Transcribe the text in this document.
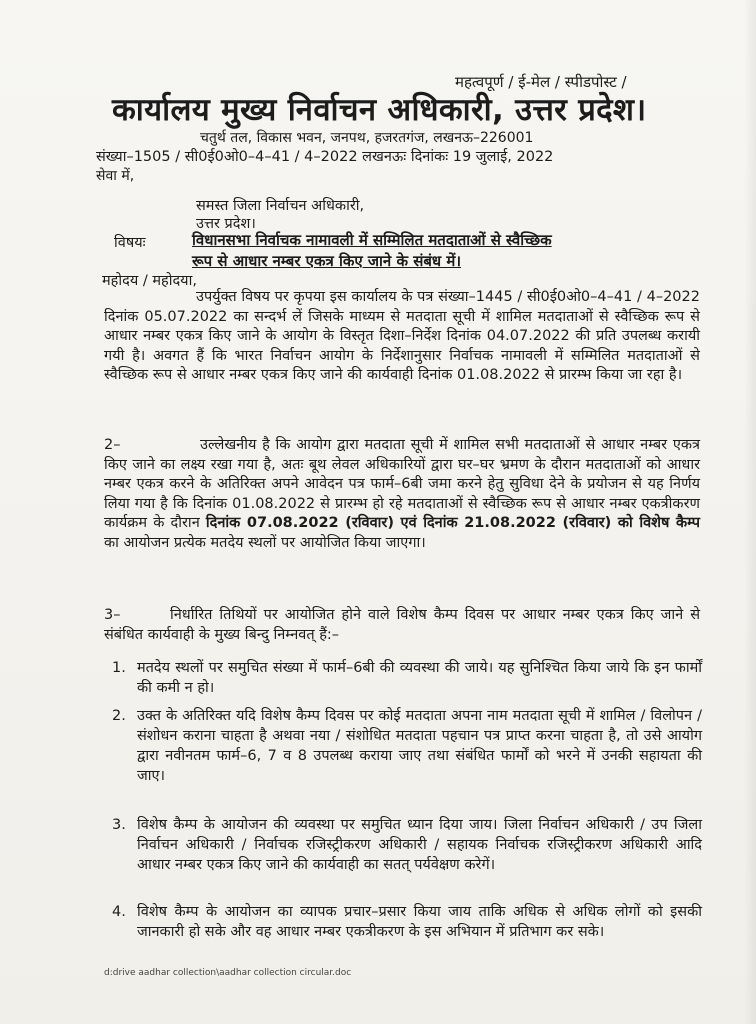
महत्वपूर्ण / ई-मेल / स्पीडपोस्ट /
कार्यालय मुख्य निर्वाचन अधिकारी, उत्तर प्रदेश।
चतुर्थ तल, विकास भवन, जनपथ, हजरतगंज, लखनऊ–226001
संख्या–1505 / सी0ई0ओ0–4–41 / 4–2022 लखनऊः दिनांकः 19 जुलाई, 2022
सेवा में,
समस्त जिला निर्वाचन अधिकारी,
उत्तर प्रदेश।
विषयः	विधानसभा निर्वाचक नामावली में सम्मिलित मतदाताओं से स्वैच्छिक
रूप से आधार नम्बर एकत्र किए जाने के संबंध में।
महोदय / महोदया,
उपर्युक्त विषय पर कृपया इस कार्यालय के पत्र संख्या–1445 / सी0ई0ओ0–4–41 / 4–2022 दिनांक 05.07.2022 का सन्दर्भ लें जिसके माध्यम से मतदाता सूची में शामिल मतदाताओं से स्वैच्छिक रूप से आधार नम्बर एकत्र किए जाने के आयोग के विस्तृत दिशा–निर्देश दिनांक 04.07.2022 की प्रति उपलब्ध करायी गयी है। अवगत हैं कि भारत निर्वाचन आयोग के निर्देशानुसार निर्वाचक नामावली में सम्मिलित मतदाताओं से स्वैच्छिक रूप से आधार नम्बर एकत्र किए जाने की कार्यवाही दिनांक 01.08.2022 से प्रारम्भ किया जा रहा है।
2–	उल्लेखनीय है कि आयोग द्वारा मतदाता सूची में शामिल सभी मतदाताओं से आधार नम्बर एकत्र किए जाने का लक्ष्य रखा गया है, अतः बूथ लेवल अधिकारियों द्वारा घर–घर भ्रमण के दौरान मतदाताओं को आधार नम्बर एकत्र करने के अतिरिक्त अपने आवेदन पत्र फार्म–6बी जमा करने हेतु सुविधा देने के प्रयोजन से यह निर्णय लिया गया है कि दिनांक 01.08.2022 से प्रारम्भ हो रहे मतदाताओं से स्वैच्छिक रूप से आधार नम्बर एकत्रीकरण कार्यक्रम के दौरान दिनांक 07.08.2022 (रविवार) एवं दिनांक 21.08.2022 (रविवार) को विशेष कैम्प का आयोजन प्रत्येक मतदेय स्थलों पर आयोजित किया जाएगा।
3–	निर्धारित तिथियों पर आयोजित होने वाले विशेष कैम्प दिवस पर आधार नम्बर एकत्र किए जाने से संबंधित कार्यवाही के मुख्य बिन्दु निम्नवत् हैं:–
1. मतदेय स्थलों पर समुचित संख्या में फार्म–6बी की व्यवस्था की जाये। यह सुनिश्चित किया जाये कि इन फार्मों की कमी न हो।
2. उक्त के अतिरिक्त यदि विशेष कैम्प दिवस पर कोई मतदाता अपना नाम मतदाता सूची में शामिल / विलोपन / संशोधन कराना चाहता है अथवा नया / संशोधित मतदाता पहचान पत्र प्राप्त करना चाहता है, तो उसे आयोग द्वारा नवीनतम फार्म–6, 7 व 8 उपलब्ध कराया जाए तथा संबंधित फार्मों को भरने में उनकी सहायता की जाए।
3. विशेष कैम्प के आयोजन की व्यवस्था पर समुचित ध्यान दिया जाय। जिला निर्वाचन अधिकारी / उप जिला निर्वाचन अधिकारी / निर्वाचक रजिस्ट्रीकरण अधिकारी / सहायक निर्वाचक रजिस्ट्रीकरण अधिकारी आदि आधार नम्बर एकत्र किए जाने की कार्यवाही का सतत् पर्यवेक्षण करेगें।
4. विशेष कैम्प के आयोजन का व्यापक प्रचार–प्रसार किया जाय ताकि अधिक से अधिक लोगों को इसकी जानकारी हो सके और वह आधार नम्बर एकत्रीकरण के इस अभियान में प्रतिभाग कर सके।
d:drive aadhar collection\aadhar collection circular.doc
